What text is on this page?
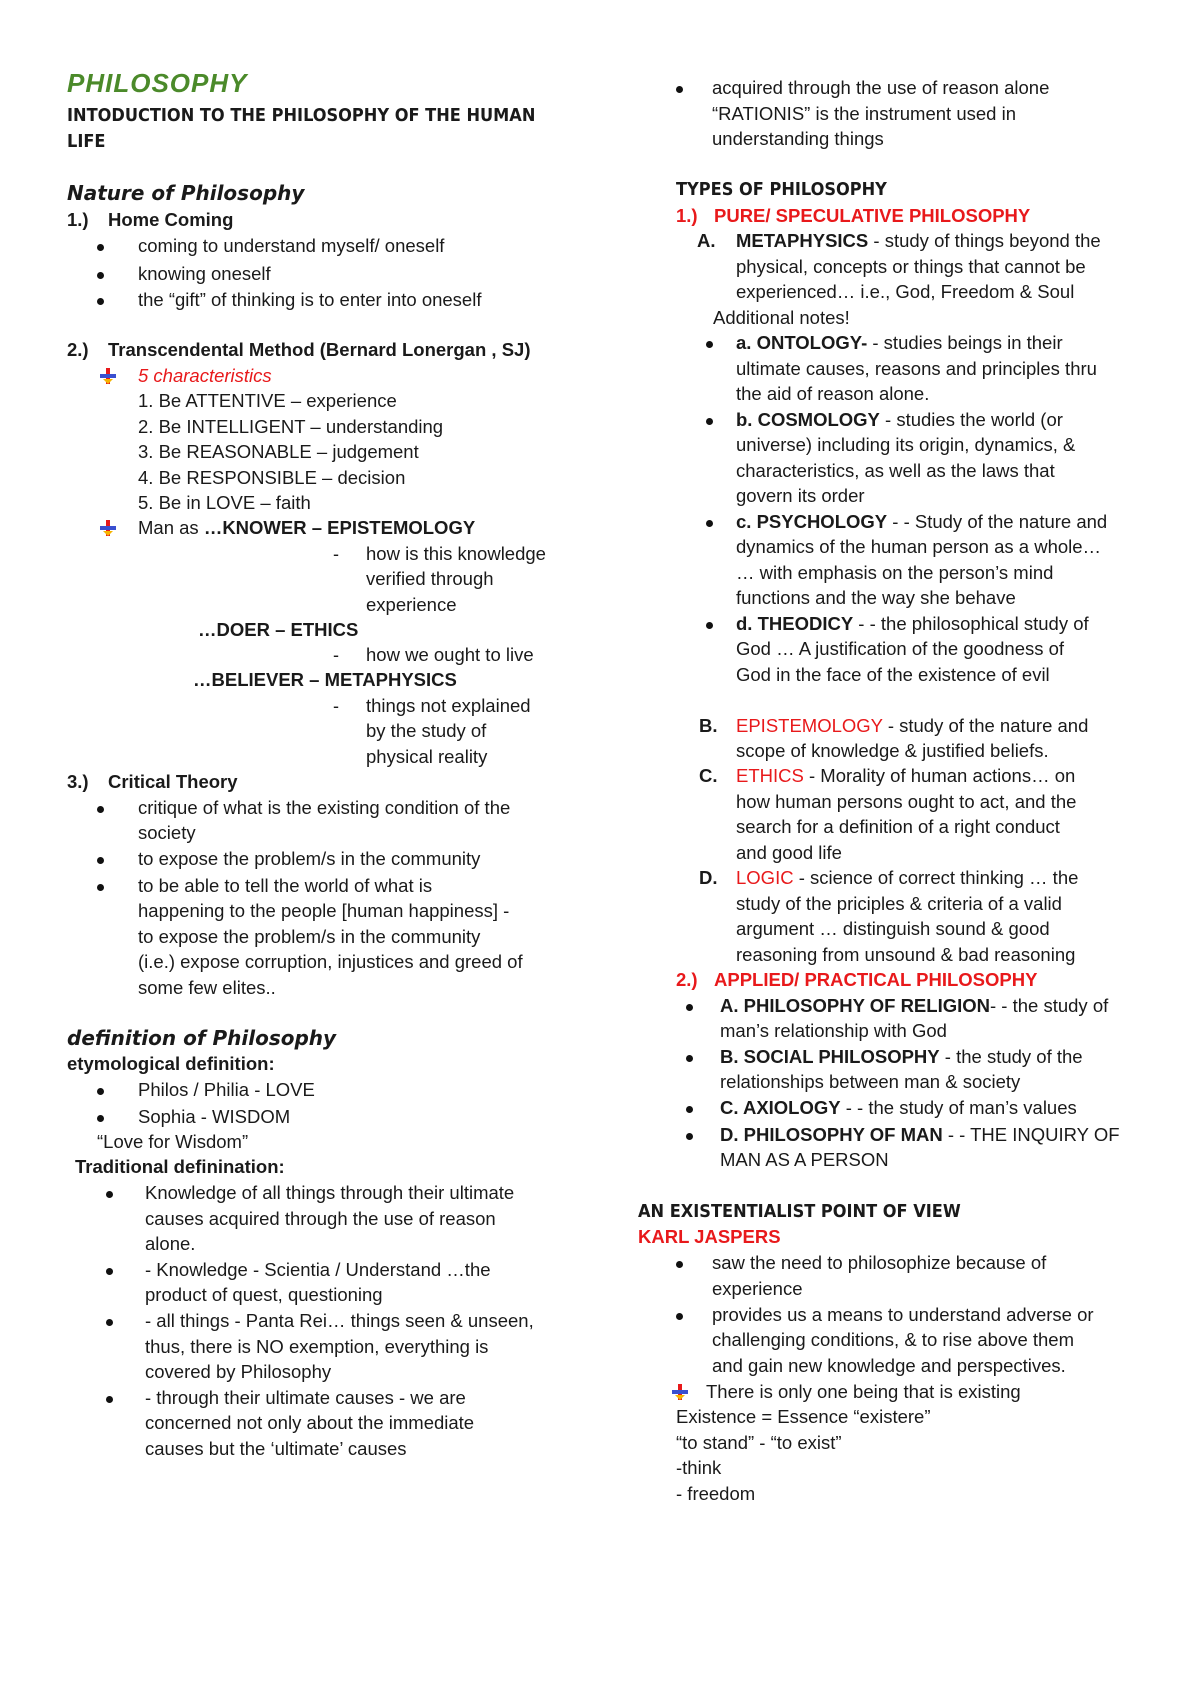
PHILOSOPHY
INTODUCTION TO THE PHILOSOPHY OF THE HUMAN
LIFE
Nature of Philosophy
1.) Home Coming
coming to understand myself/ oneself
knowing oneself
the “gift” of thinking is to enter into oneself
2.) Transcendental Method (Bernard Lonergan , SJ)
5 characteristics
1. Be ATTENTIVE – experience
2. Be INTELLIGENT – understanding
3. Be REASONABLE – judgement
4. Be RESPONSIBLE – decision
5. Be in LOVE – faith
Man as …KNOWER – EPISTEMOLOGY
- how is this knowledge
verified through
experience
…DOER – ETHICS
- how we ought to live
…BELIEVER – METAPHYSICS
- things not explained
by the study of
physical reality
3.) Critical Theory
critique of what is the existing condition of the
society
to expose the problem/s in the community
to be able to tell the world of what is
happening to the people [human happiness] -
to expose the problem/s in the community
(i.e.) expose corruption, injustices and greed of
some few elites..
definition of Philosophy
etymological definition:
Philos / Philia - LOVE
Sophia - WISDOM
“Love for Wisdom”
Traditional definination:
Knowledge of all things through their ultimate
causes acquired through the use of reason
alone.
- Knowledge - Scientia / Understand …the
product of quest, questioning
- all things - Panta Rei… things seen & unseen,
thus, there is NO exemption, everything is
covered by Philosophy
- through their ultimate causes - we are
concerned not only about the immediate
causes but the ‘ultimate’ causes
acquired through the use of reason alone
“RATIONIS” is the instrument used in
understanding things
TYPES OF PHILOSOPHY
1.) PURE/ SPECULATIVE PHILOSOPHY
A. METAPHYSICS - study of things beyond the
physical, concepts or things that cannot be
experienced… i.e., God, Freedom & Soul
Additional notes!
a. ONTOLOGY- - studies beings in their
ultimate causes, reasons and principles thru
the aid of reason alone.
b. COSMOLOGY - studies the world (or
universe) including its origin, dynamics, &
characteristics, as well as the laws that
govern its order
c. PSYCHOLOGY - - Study of the nature and
dynamics of the human person as a whole…
… with emphasis on the person’s mind
functions and the way she behave
d. THEODICY - - the philosophical study of
God … A justification of the goodness of
God in the face of the existence of evil
B. EPISTEMOLOGY - study of the nature and
scope of knowledge & justified beliefs.
C. ETHICS - Morality of human actions… on
how human persons ought to act, and the
search for a definition of a right conduct
and good life
D. LOGIC - science of correct thinking … the
study of the priciples & criteria of a valid
argument … distinguish sound & good
reasoning from unsound & bad reasoning
2.) APPLIED/ PRACTICAL PHILOSOPHY
A. PHILOSOPHY OF RELIGION- - the study of
man’s relationship with God
B. SOCIAL PHILOSOPHY - the study of the
relationships between man & society
C. AXIOLOGY - - the study of man’s values
D. PHILOSOPHY OF MAN - - THE INQUIRY OF
MAN AS A PERSON
AN EXISTENTIALIST POINT OF VIEW
KARL JASPERS
saw the need to philosophize because of
experience
provides us a means to understand adverse or
challenging conditions, & to rise above them
and gain new knowledge and perspectives.
There is only one being that is existing
Existence = Essence “existere”
“to stand” - “to exist”
-think
- freedom
